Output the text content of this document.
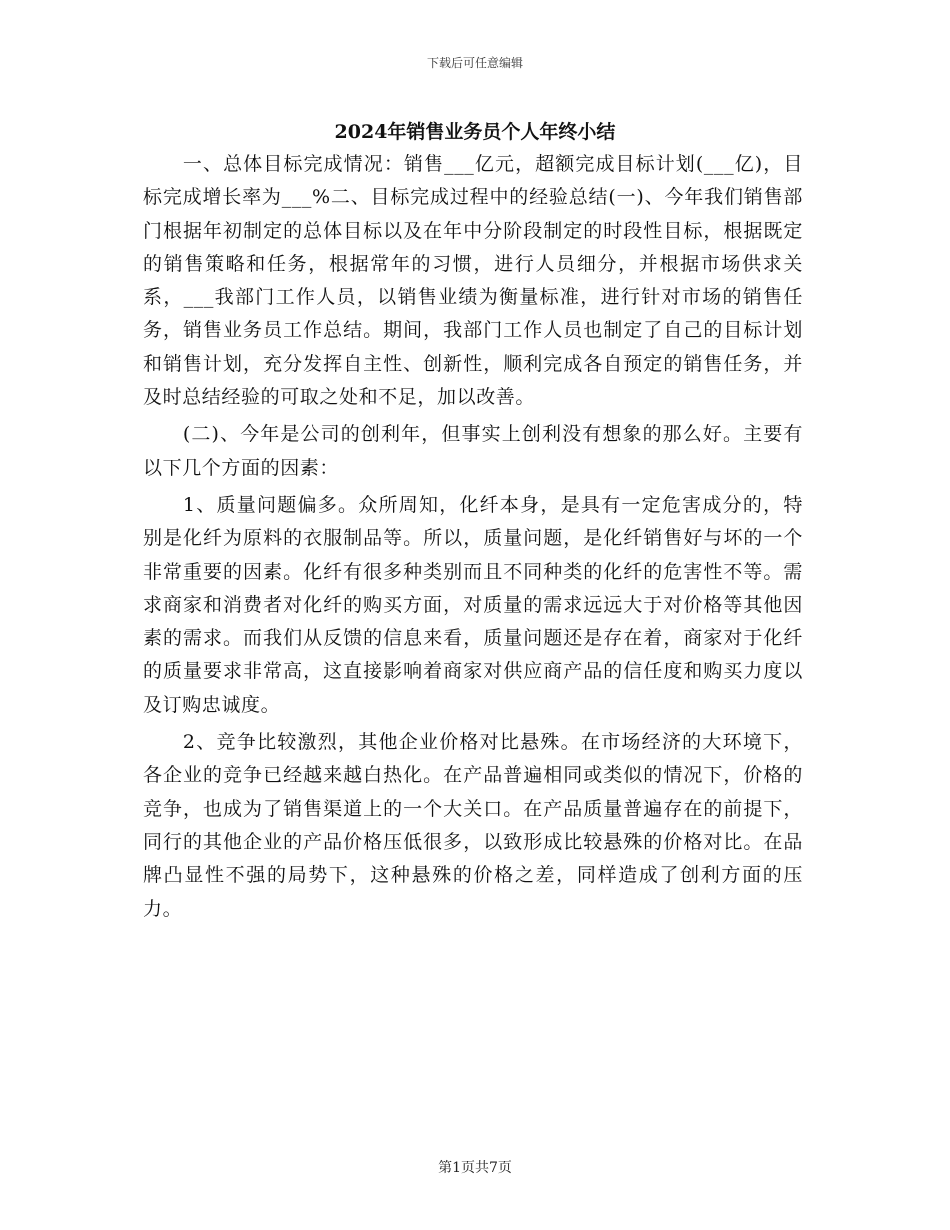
下载后可任意编辑
2024年销售业务员个人年终小结

一、总体目标完成情况：销售___亿元，超额完成目标计划(___亿)，目标完成增长率为___%二、目标完成过程中的经验总结(一)、今年我们销售部门根据年初制定的总体目标以及在年中分阶段制定的时段性目标，根据既定的销售策略和任务，根据常年的习惯，进行人员细分，并根据市场供求关系，___我部门工作人员，以销售业绩为衡量标准，进行针对市场的销售任务，销售业务员工作总结。期间，我部门工作人员也制定了自己的目标计划和销售计划，充分发挥自主性、创新性，顺利完成各自预定的销售任务，并及时总结经验的可取之处和不足，加以改善。

(二)、今年是公司的创利年，但事实上创利没有想象的那么好。主要有以下几个方面的因素：

1、质量问题偏多。众所周知，化纤本身，是具有一定危害成分的，特别是化纤为原料的衣服制品等。所以，质量问题，是化纤销售好与坏的一个非常重要的因素。化纤有很多种类别而且不同种类的化纤的危害性不等。需求商家和消费者对化纤的购买方面，对质量的需求远远大于对价格等其他因素的需求。而我们从反馈的信息来看，质量问题还是存在着，商家对于化纤的质量要求非常高，这直接影响着商家对供应商产品的信任度和购买力度以及订购忠诚度。

2、竞争比较激烈，其他企业价格对比悬殊。在市场经济的大环境下，各企业的竞争已经越来越白热化。在产品普遍相同或类似的情况下，价格的竞争，也成为了销售渠道上的一个大关口。在产品质量普遍存在的前提下，同行的其他企业的产品价格压低很多，以致形成比较悬殊的价格对比。在品牌凸显性不强的局势下，这种悬殊的价格之差，同样造成了创利方面的压力。

第1页共7页
